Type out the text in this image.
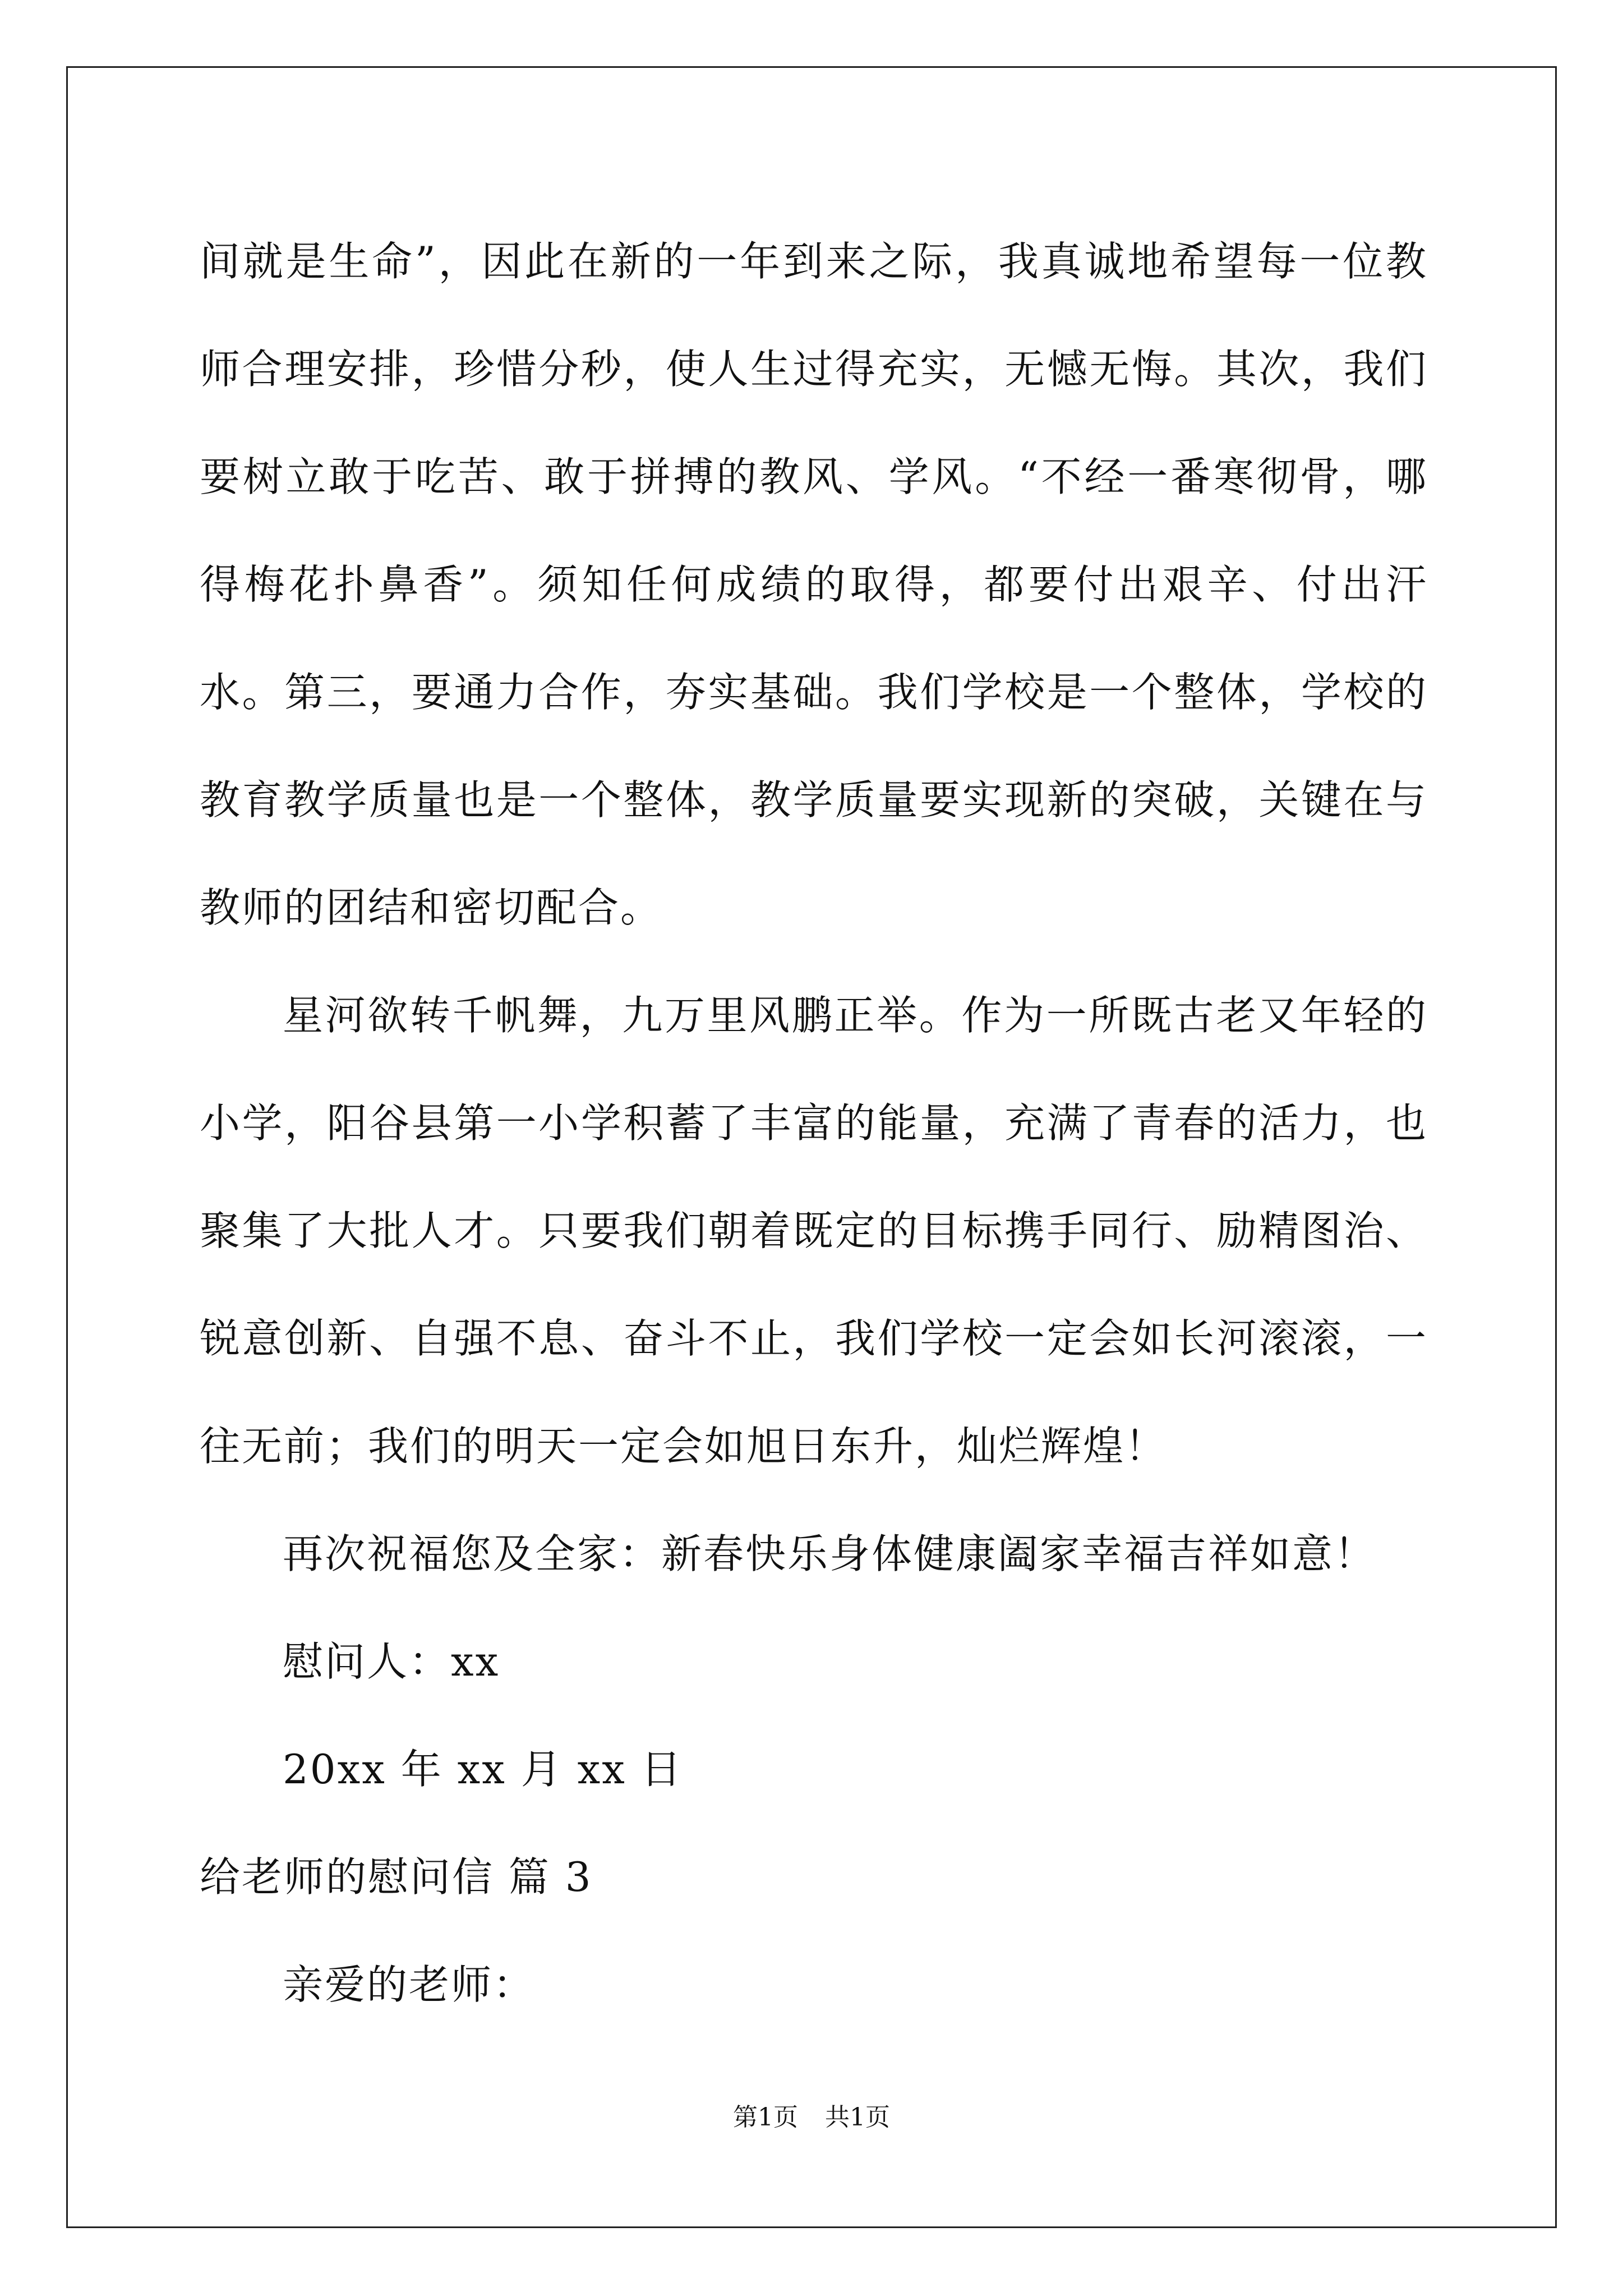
间就是生命”，因此在新的一年到来之际，我真诚地希望每一位教师合理安排，珍惜分秒，使人生过得充实，无憾无悔。其次，我们要树立敢于吃苦、敢于拼搏的教风、学风。“不经一番寒彻骨，哪得梅花扑鼻香”。须知任何成绩的取得，都要付出艰辛、付出汗水。第三，要通力合作，夯实基础。我们学校是一个整体，学校的教育教学质量也是一个整体，教学质量要实现新的突破，关键在与教师的团结和密切配合。

星河欲转千帆舞，九万里风鹏正举。作为一所既古老又年轻的小学，阳谷县第一小学积蓄了丰富的能量，充满了青春的活力，也聚集了大批人才。只要我们朝着既定的目标携手同行、励精图治、锐意创新、自强不息、奋斗不止，我们学校一定会如长河滚滚，一往无前；我们的明天一定会如旭日东升，灿烂辉煌！

再次祝福您及全家：新春快乐身体健康阖家幸福吉祥如意！

慰问人：xx

20xx 年 xx 月 xx 日

给老师的慰问信 篇 3

亲爱的老师：

第1页 共1页
